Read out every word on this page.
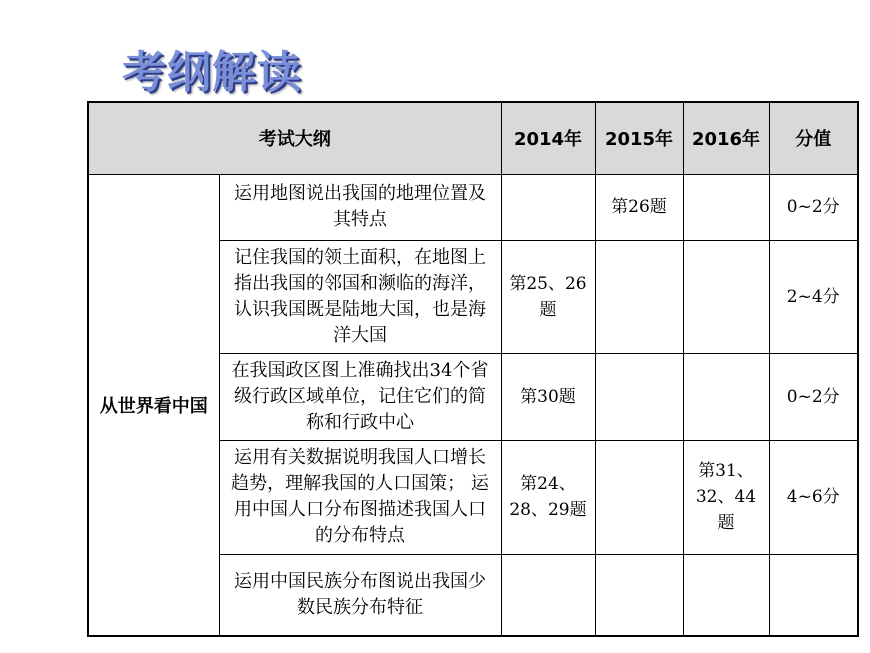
考纲解读
考试大纲		2014年	2015年	2016年	分值
从世界看中国	运用地图说出我国的地理位置及其特点		第26题		0~2分
	记住我国的领土面积，在地图上指出我国的邻国和濒临的海洋，认识我国既是陆地大国，也是海洋大国	第25、26题			2~4分
	在我国政区图上准确找出34个省级行政区域单位，记住它们的简称和行政中心	第30题			0~2分
	运用有关数据说明我国人口增长趋势，理解我国的人口国策； 运用中国人口分布图描述我国人口的分布特点	第24、28、29题		第31、32、44题	4~6分
	运用中国民族分布图说出我国少数民族分布特征				
